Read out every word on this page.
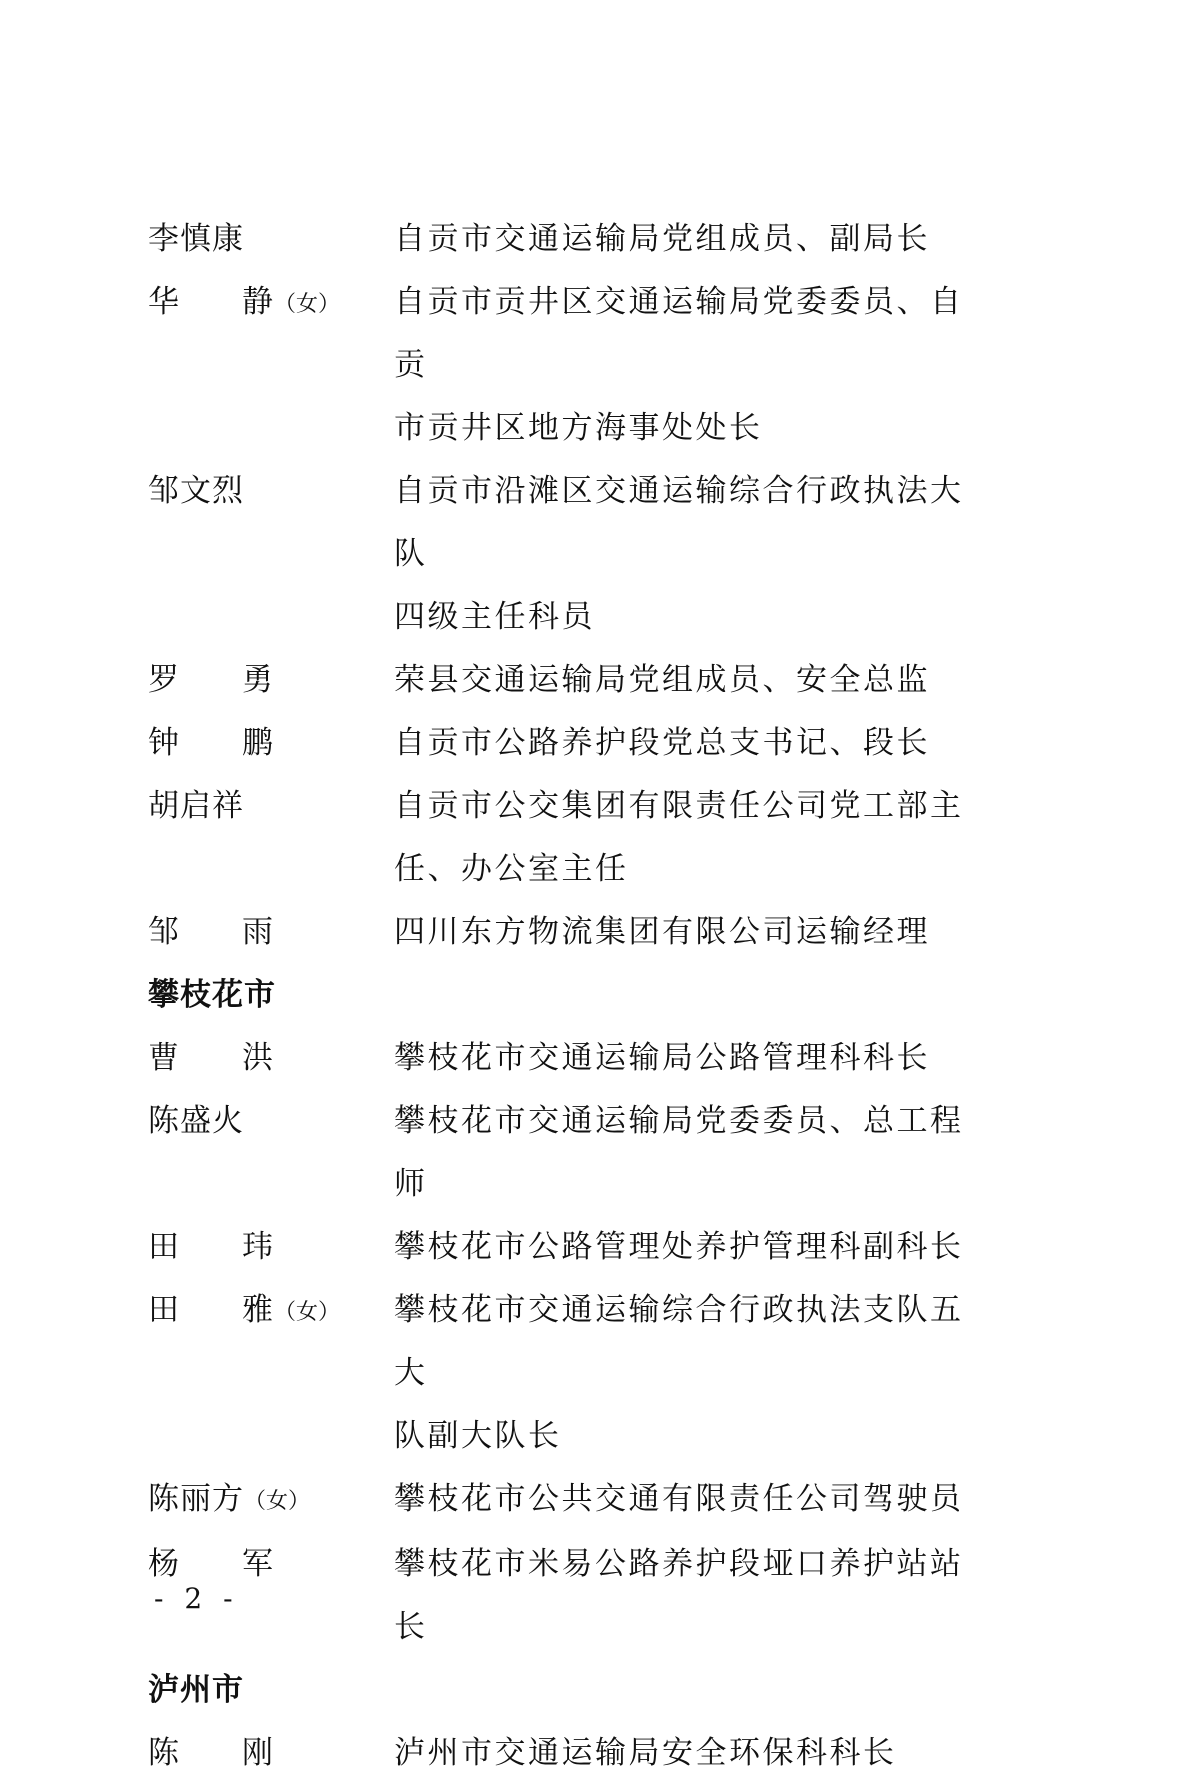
李慎康	自贡市交通运输局党组成员、副局长
华 静（女）	自贡市贡井区交通运输局党委委员、自贡
市贡井区地方海事处处长
邹文烈	自贡市沿滩区交通运输综合行政执法大队
四级主任科员
罗 勇	荣县交通运输局党组成员、安全总监
钟 鹏	自贡市公路养护段党总支书记、段长
胡启祥	自贡市公交集团有限责任公司党工部主
任、办公室主任
邹 雨	四川东方物流集团有限公司运输经理
攀枝花市
曹 洪	攀枝花市交通运输局公路管理科科长
陈盛火	攀枝花市交通运输局党委委员、总工程师
田 玮	攀枝花市公路管理处养护管理科副科长
田 雅（女）	攀枝花市交通运输综合行政执法支队五大
队副大队长
陈丽方（女）	攀枝花市公共交通有限责任公司驾驶员
杨 军	攀枝花市米易公路养护段垭口养护站站长
泸州市
陈 刚	泸州市交通运输局安全环保科科长
- 2 -
